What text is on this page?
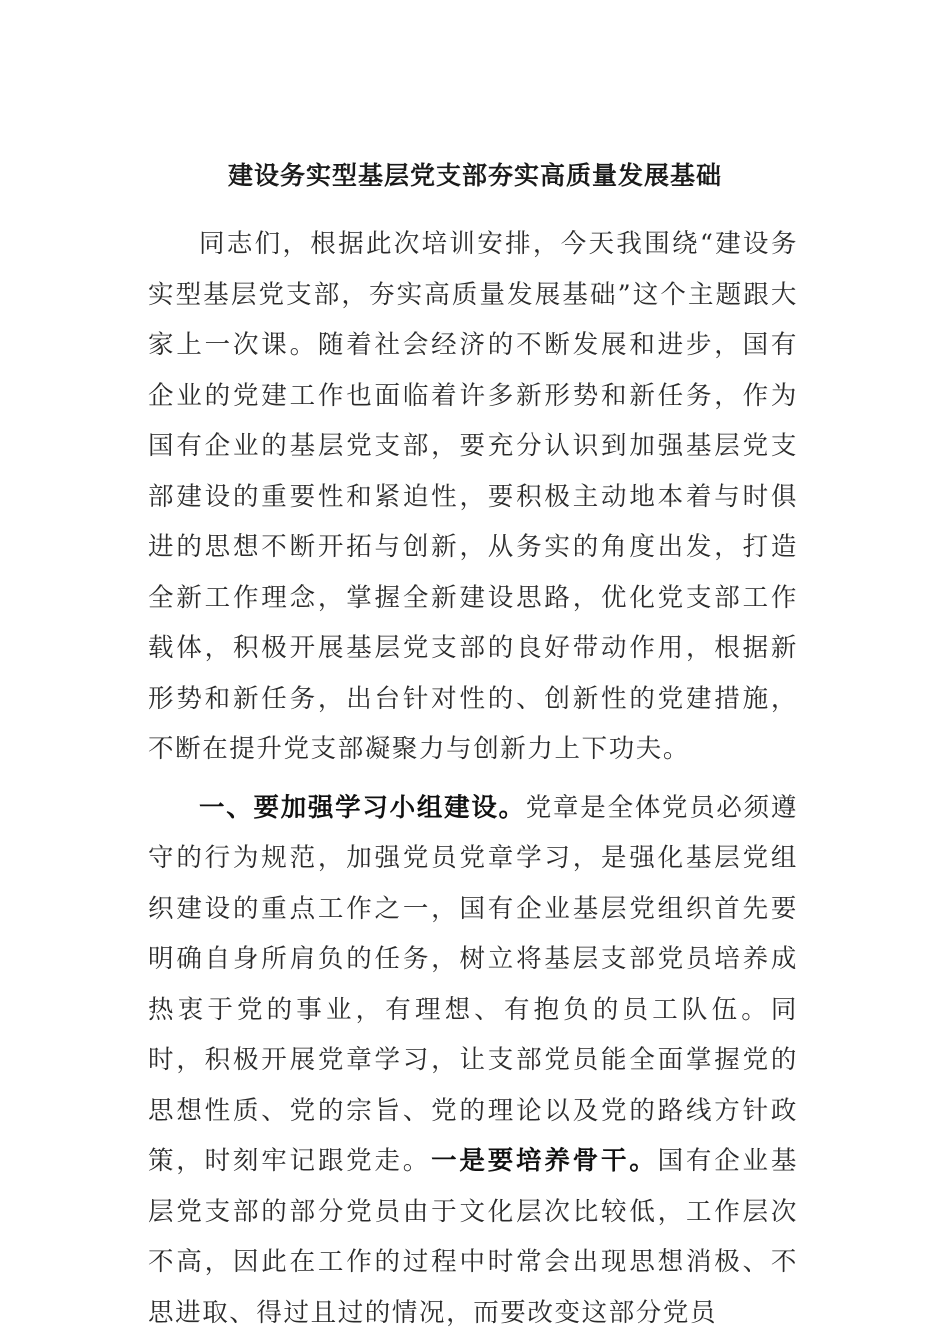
建设务实型基层党支部夯实高质量发展基础

同志们，根据此次培训安排，今天我围绕“建设务实型基层党支部，夯实高质量发展基础”这个主题跟大家上一次课。随着社会经济的不断发展和进步，国有企业的党建工作也面临着许多新形势和新任务，作为国有企业的基层党支部，要充分认识到加强基层党支部建设的重要性和紧迫性，要积极主动地本着与时俱进的思想不断开拓与创新，从务实的角度出发，打造全新工作理念，掌握全新建设思路，优化党支部工作载体，积极开展基层党支部的良好带动作用，根据新形势和新任务，出台针对性的、创新性的党建措施，不断在提升党支部凝聚力与创新力上下功夫。

一、要加强学习小组建设。党章是全体党员必须遵守的行为规范，加强党员党章学习，是强化基层党组织建设的重点工作之一，国有企业基层党组织首先要明确自身所肩负的任务，树立将基层支部党员培养成热衷于党的事业，有理想、有抱负的员工队伍。同时，积极开展党章学习，让支部党员能全面掌握党的思想性质、党的宗旨、党的理论以及党的路线方针政策，时刻牢记跟党走。一是要培养骨干。国有企业基层党支部的部分党员由于文化层次比较低，工作层次不高，因此在工作的过程中时常会出现思想消极、不思进取、得过且过的情况，而要改变这部分党员
